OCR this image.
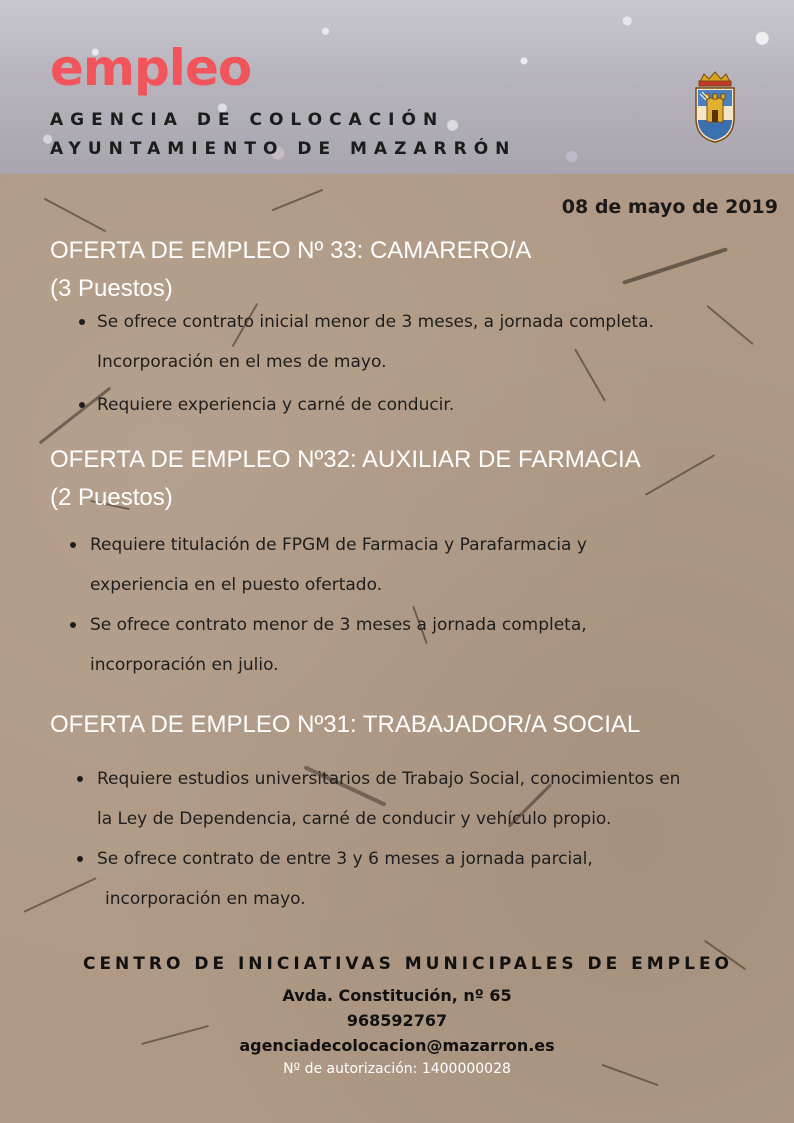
empleo

AGENCIA DE COLOCACIÓN AYUNTAMIENTO DE MAZARRÓN

08 de mayo de 2019

OFERTA DE EMPLEO Nº 33: CAMARERO/A

(3 Puestos)

Se ofrece contrato inicial menor de 3 meses, a jornada completa.
Incorporación en el mes de mayo.
Requiere experiencia y carné de conducir.
OFERTA DE EMPLEO Nº32: AUXILIAR DE FARMACIA

(2 Puestos)

Requiere titulación de FPGM de Farmacia y Parafarmacia y
experiencia en el puesto ofertado.
Se ofrece contrato menor de 3 meses a jornada completa,
incorporación en julio.
OFERTA DE EMPLEO Nº31: TRABAJADOR/A SOCIAL
Requiere estudios universitarios de Trabajo Social, conocimientos en
la Ley de Dependencia, carné de conducir y vehículo propio.
Se ofrece contrato de entre 3 y 6 meses a jornada parcial,
incorporación en mayo.

CENTRO DE INICIATIVAS MUNICIPALES DE EMPLEO

Avda. Constitución, nº 65

968592767

agenciadecolocacion@mazarron.es

Nº de autorización: 1400000028
